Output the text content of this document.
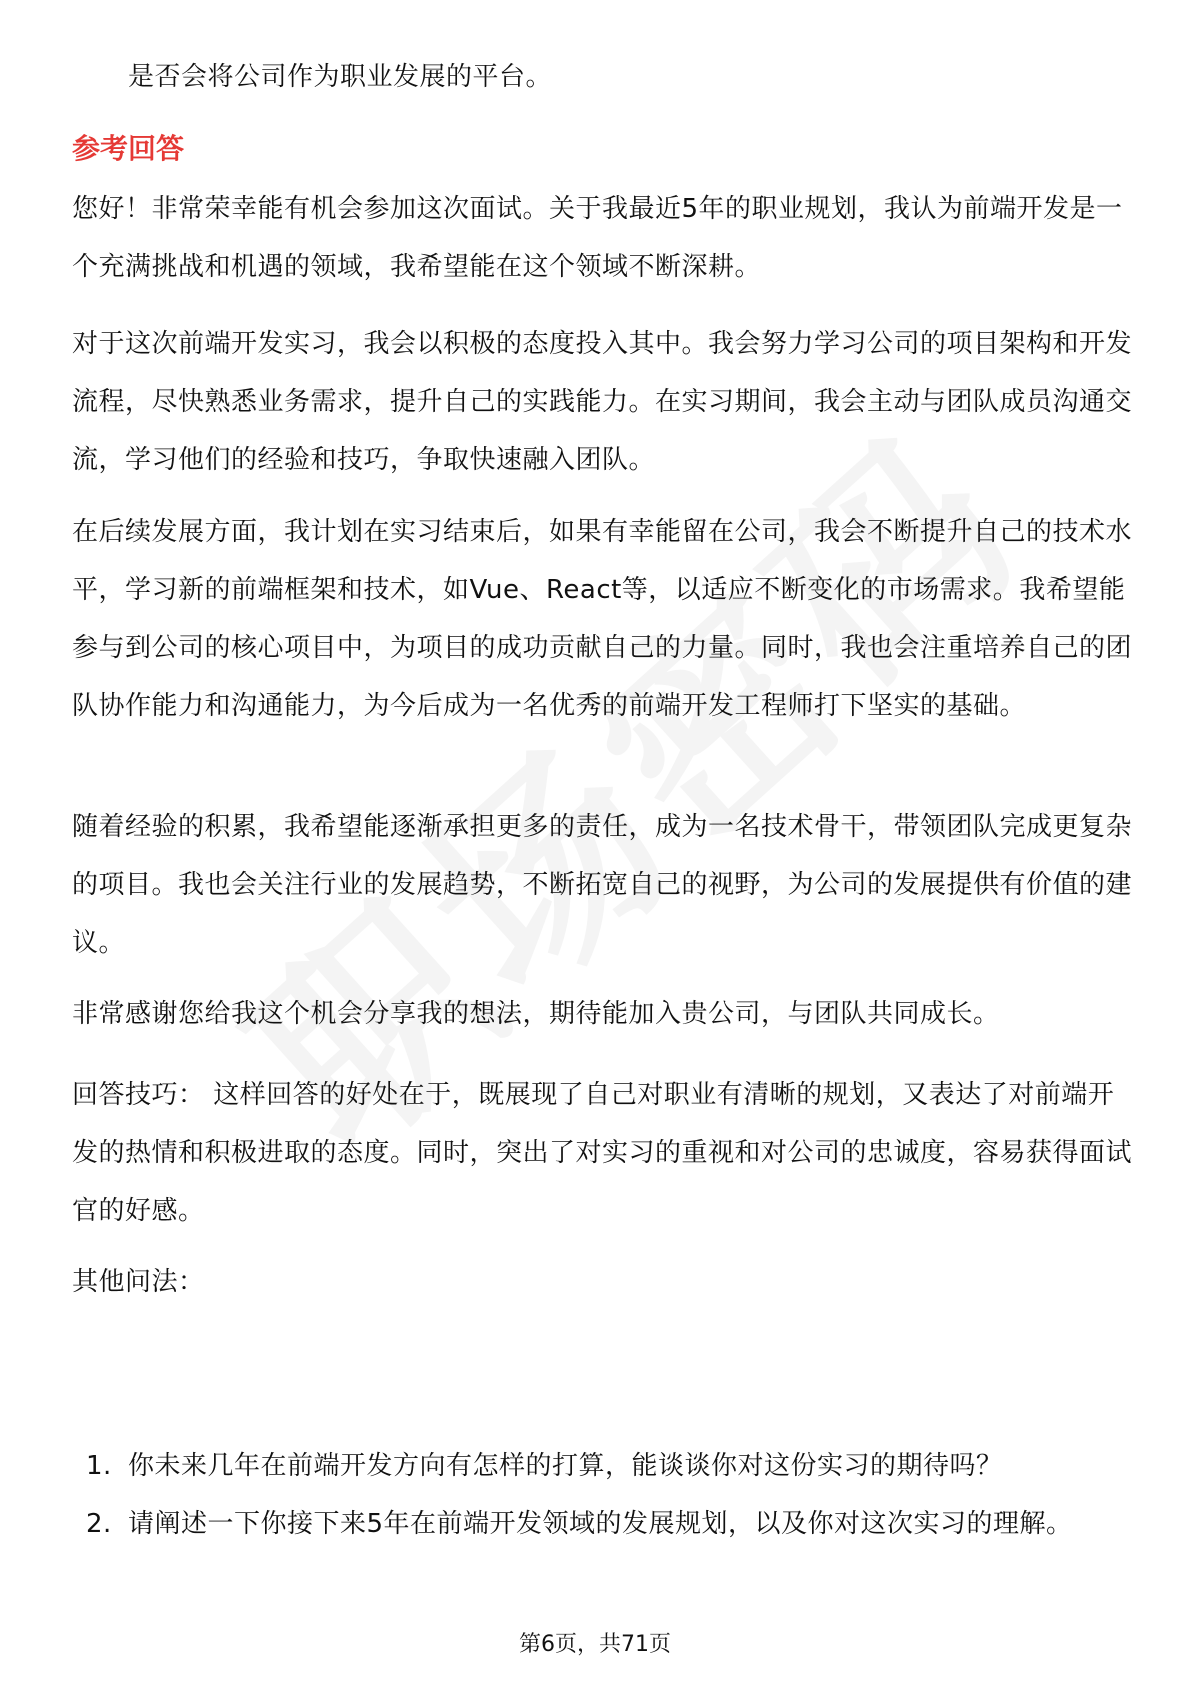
是否会将公司作为职业发展的平台。
参考回答
您好！非常荣幸能有机会参加这次面试。关于我最近5年的职业规划，我认为前端开发是一个充满挑战和机遇的领域，我希望能在这个领域不断深耕。
对于这次前端开发实习，我会以积极的态度投入其中。我会努力学习公司的项目架构和开发流程，尽快熟悉业务需求，提升自己的实践能力。在实习期间，我会主动与团队成员沟通交流，学习他们的经验和技巧，争取快速融入团队。
在后续发展方面，我计划在实习结束后，如果有幸能留在公司，我会不断提升自己的技术水平，学习新的前端框架和技术，如Vue、React等，以适应不断变化的市场需求。我希望能参与到公司的核心项目中，为项目的成功贡献自己的力量。同时，我也会注重培养自己的团队协作能力和沟通能力，为今后成为一名优秀的前端开发工程师打下坚实的基础。
随着经验的积累，我希望能逐渐承担更多的责任，成为一名技术骨干，带领团队完成更复杂的项目。我也会关注行业的发展趋势，不断拓宽自己的视野，为公司的发展提供有价值的建议。
非常感谢您给我这个机会分享我的想法，期待能加入贵公司，与团队共同成长。
回答技巧： 这样回答的好处在于，既展现了自己对职业有清晰的规划，又表达了对前端开发的热情和积极进取的态度。同时，突出了对实习的重视和对公司的忠诚度，容易获得面试官的好感。
其他问法：
1. 你未来几年在前端开发方向有怎样的打算，能谈谈你对这份实习的期待吗？
2. 请阐述一下你接下来5年在前端开发领域的发展规划，以及你对这次实习的理解。
第6页，共71页
